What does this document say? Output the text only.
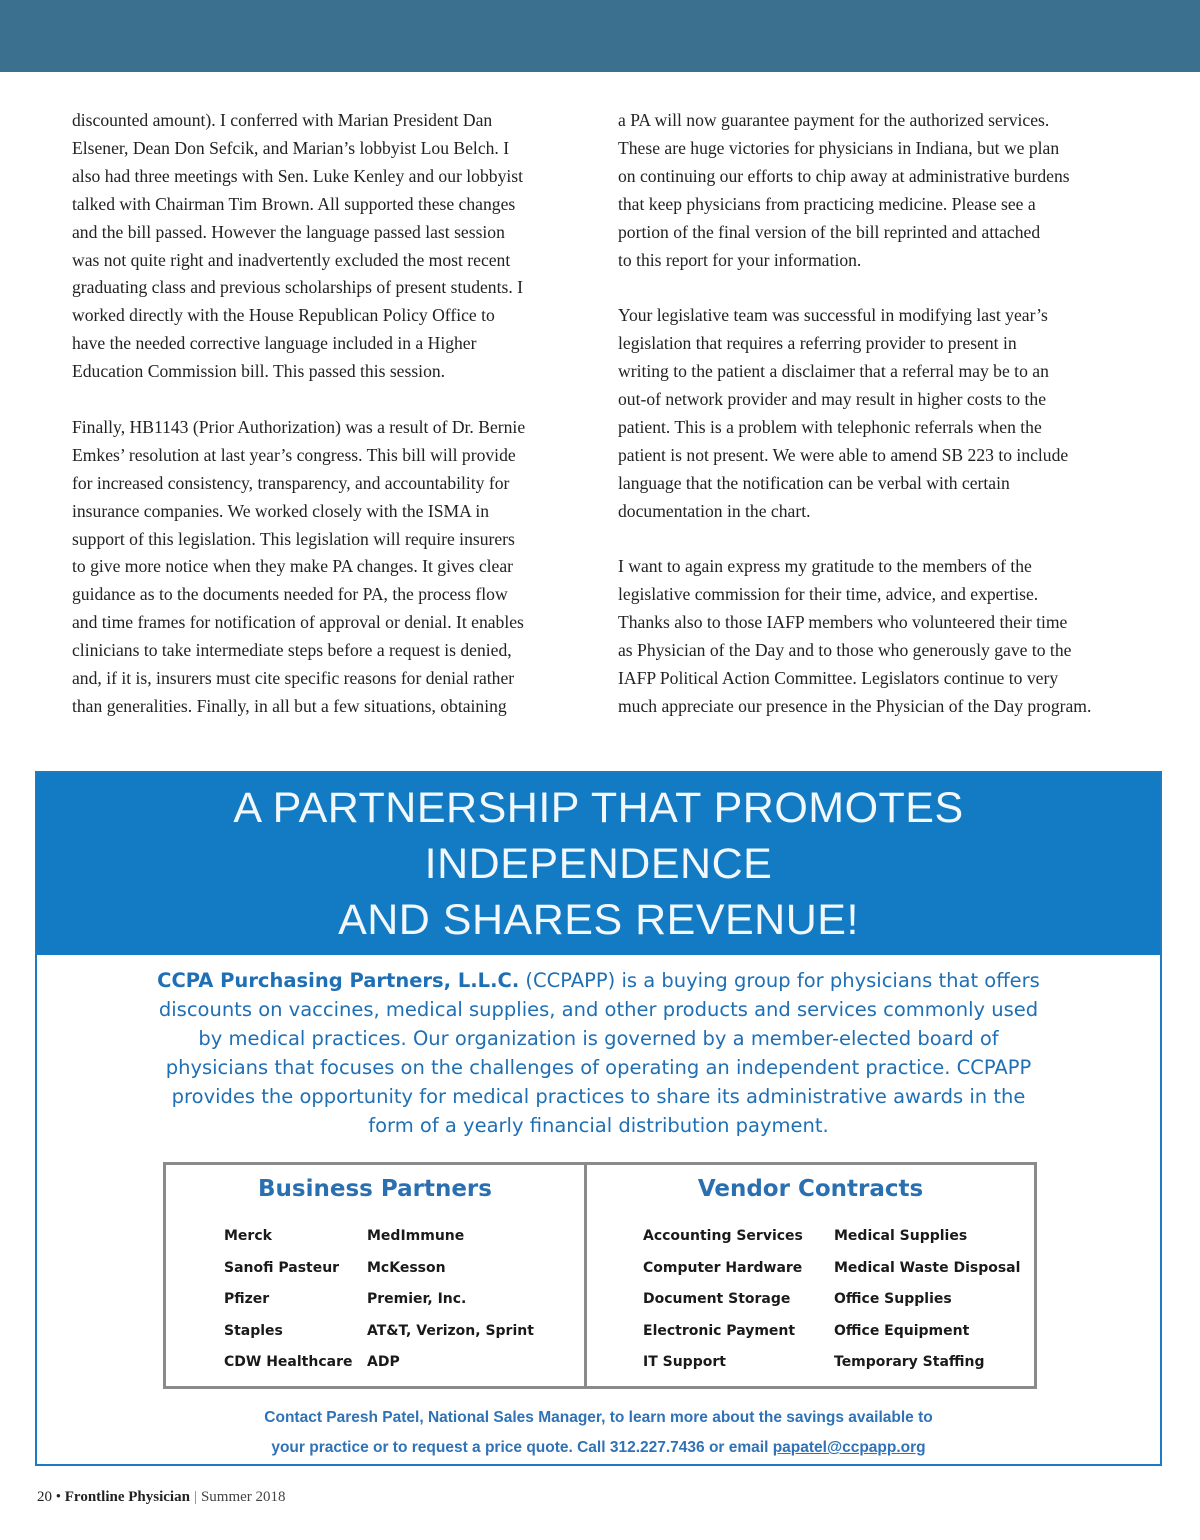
discounted amount). I conferred with Marian President Dan

Elsener, Dean Don Sefcik, and Marian’s lobbyist Lou Belch. I

also had three meetings with Sen. Luke Kenley and our lobbyist

talked with Chairman Tim Brown. All supported these changes

and the bill passed. However the language passed last session

was not quite right and inadvertently excluded the most recent

graduating class and previous scholarships of present students. I

worked directly with the House Republican Policy Office to

have the needed corrective language included in a Higher

Education Commission bill. This passed this session.

Finally, HB1143 (Prior Authorization) was a result of Dr. Bernie

Emkes’ resolution at last year’s congress. This bill will provide

for increased consistency, transparency, and accountability for

insurance companies. We worked closely with the ISMA in

support of this legislation. This legislation will require insurers

to give more notice when they make PA changes. It gives clear

guidance as to the documents needed for PA, the process flow

and time frames for notification of approval or denial. It enables

clinicians to take intermediate steps before a request is denied,

and, if it is, insurers must cite specific reasons for denial rather

than generalities. Finally, in all but a few situations, obtaining

a PA will now guarantee payment for the authorized services.

These are huge victories for physicians in Indiana, but we plan

on continuing our efforts to chip away at administrative burdens

that keep physicians from practicing medicine. Please see a

portion of the final version of the bill reprinted and attached

to this report for your information.

Your legislative team was successful in modifying last year’s

legislation that requires a referring provider to present in

writing to the patient a disclaimer that a referral may be to an

out-of network provider and may result in higher costs to the

patient. This is a problem with telephonic referrals when the

patient is not present. We were able to amend SB 223 to include

language that the notification can be verbal with certain

documentation in the chart.

I want to again express my gratitude to the members of the

legislative commission for their time, advice, and expertise.

Thanks also to those IAFP members who volunteered their time

as Physician of the Day and to those who generously gave to the

IAFP Political Action Committee. Legislators continue to very

much appreciate our presence in the Physician of the Day program.

A PARTNERSHIP THAT PROMOTES
INDEPENDENCE
AND SHARES REVENUE!
CCPA Purchasing Partners, L.L.C. (CCPAPP) is a buying group for physicians that offers
discounts on vaccines, medical supplies, and other products and services commonly used
by medical practices. Our organization is governed by a member-elected board of
physicians that focuses on the challenges of operating an independent practice. CCPAPP
provides the opportunity for medical practices to share its administrative awards in the
form of a yearly financial distribution payment.
Business Partners	Vendor Contracts
Merck
Sanofi Pasteur
Pfizer
Staples
CDW Healthcare
MedImmune
McKesson
Premier, Inc.
AT&T, Verizon, Sprint
ADP
Accounting Services
Computer Hardware
Document Storage
Electronic Payment
IT Support
Medical Supplies
Medical Waste Disposal
Office Supplies
Office Equipment
Temporary Staffing
Contact Paresh Patel, National Sales Manager, to learn more about the savings available to
your practice or to request a price quote. Call 312.227.7436 or email papatel@ccpapp.org
20 • Frontline Physician | Summer 2018
